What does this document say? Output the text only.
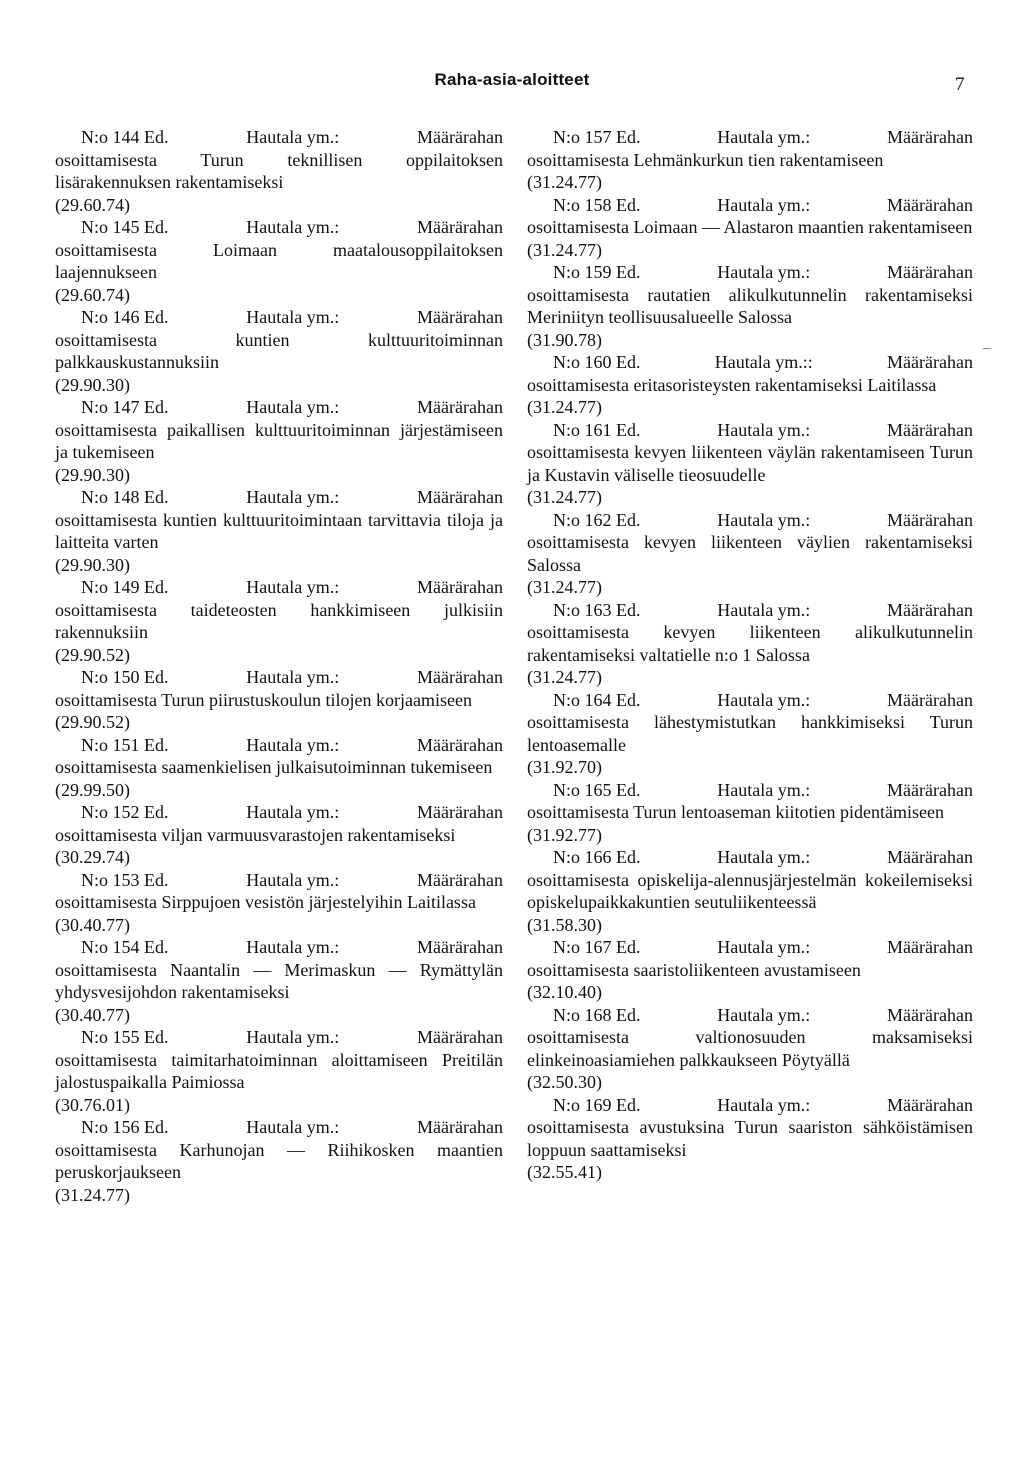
Raha-asia-aloitteet	7
N:o 144 Ed.	Hautala ym.:	Määrärahan
osoittamisesta Turun teknillisen oppilaitoksen lisärakennuksen rakentamiseksi
(29.60.74)
N:o 145 Ed.	Hautala ym.:	Määrärahan
osoittamisesta Loimaan maatalousoppilaitoksen laajennukseen
(29.60.74)
N:o 146 Ed.	Hautala ym.:	Määrärahan
osoittamisesta kuntien kulttuuritoiminnan palkkauskustannuksiin
(29.90.30)
N:o 147 Ed.	Hautala ym.:	Määrärahan
osoittamisesta paikallisen kulttuuritoiminnan järjestämiseen ja tukemiseen
(29.90.30)
N:o 148 Ed.	Hautala ym.:	Määrärahan
osoittamisesta kuntien kulttuuritoimintaan tarvittavia tiloja ja laitteita varten
(29.90.30)
N:o 149 Ed.	Hautala ym.:	Määrärahan
osoittamisesta taideteosten hankkimiseen julkisiin rakennuksiin
(29.90.52)
N:o 150 Ed.	Hautala ym.:	Määrärahan
osoittamisesta Turun piirustuskoulun tilojen korjaamiseen
(29.90.52)
N:o 151 Ed.	Hautala ym.:	Määrärahan
osoittamisesta saamenkielisen julkaisutoiminnan tukemiseen
(29.99.50)
N:o 152 Ed.	Hautala ym.:	Määrärahan
osoittamisesta viljan varmuusvarastojen rakentamiseksi
(30.29.74)
N:o 153 Ed.	Hautala ym.:	Määrärahan
osoittamisesta Sirppujoen vesistön järjestelyihin Laitilassa
(30.40.77)
N:o 154 Ed.	Hautala ym.:	Määrärahan
osoittamisesta Naantalin — Merimaskun — Rymättylän yhdysvesijohdon rakentamiseksi
(30.40.77)
N:o 155 Ed.	Hautala ym.:	Määrärahan
osoittamisesta taimitarhatoiminnan aloittamiseen Preitilän jalostuspaikalla Paimiossa
(30.76.01)
N:o 156 Ed.	Hautala ym.:	Määrärahan
osoittamisesta Karhunojan — Riihikosken maantien peruskorjaukseen
(31.24.77)
N:o 157 Ed.	Hautala ym.:	Määrärahan
osoittamisesta Lehmänkurkun tien rakentamiseen
(31.24.77)
N:o 158 Ed.	Hautala ym.:	Määrärahan
osoittamisesta Loimaan — Alastaron maantien rakentamiseen
(31.24.77)
N:o 159 Ed.	Hautala ym.:	Määrärahan
osoittamisesta rautatien alikulkutunnelin rakentamiseksi Meriniityn teollisuusalueelle Salossa
(31.90.78)
N:o 160 Ed.	Hautala ym.::	Määrärahan
osoittamisesta eritasoristeysten rakentamiseksi Laitilassa
(31.24.77)
N:o 161 Ed.	Hautala ym.:	Määrärahan
osoittamisesta kevyen liikenteen väylän rakentamiseen Turun ja Kustavin väliselle tieosuudelle
(31.24.77)
N:o 162 Ed.	Hautala ym.:	Määrärahan
osoittamisesta kevyen liikenteen väylien rakentamiseksi Salossa
(31.24.77)
N:o 163 Ed.	Hautala ym.:	Määrärahan
osoittamisesta kevyen liikenteen alikulkutunnelin rakentamiseksi valtatielle n:o 1 Salossa
(31.24.77)
N:o 164 Ed.	Hautala ym.:	Määrärahan
osoittamisesta lähestymistutkan hankkimiseksi Turun lentoasemalle
(31.92.70)
N:o 165 Ed.	Hautala ym.:	Määrärahan
osoittamisesta Turun lentoaseman kiitotien pidentämiseen
(31.92.77)
N:o 166 Ed.	Hautala ym.:	Määrärahan
osoittamisesta opiskelija-alennusjärjestelmän kokeilemiseksi opiskelupaikkakuntien seutuliikenteessä
(31.58.30)
N:o 167 Ed.	Hautala ym.:	Määrärahan
osoittamisesta saaristoliikenteen avustamiseen
(32.10.40)
N:o 168 Ed.	Hautala ym.:	Määrärahan
osoittamisesta valtionosuuden maksamiseksi elinkeinoasiamiehen palkkaukseen Pöytyällä
(32.50.30)
N:o 169 Ed.	Hautala ym.:	Määrärahan
osoittamisesta avustuksina Turun saariston sähköistämisen loppuun saattamiseksi
(32.55.41)
